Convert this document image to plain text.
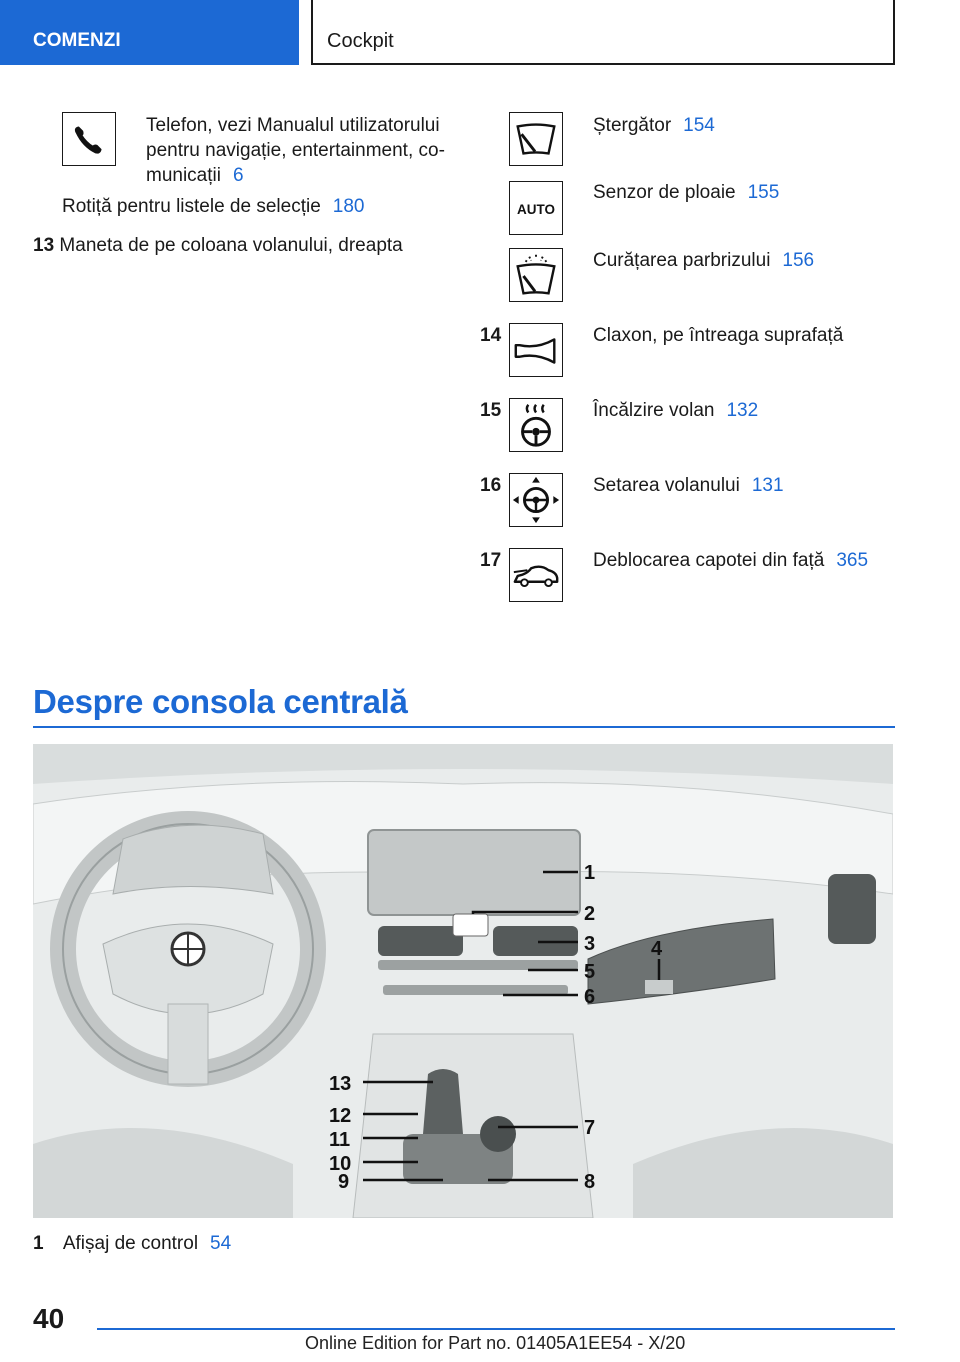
COMENZI	Cockpit
Telefon, vezi Manualul utilizatorului pentru navigație, entertainment, co-municații 6
Rotiță pentru listele de selecție 180
13 Maneta de pe coloana volanului, dreapta
Ștergător 154
AUTO
Senzor de ploaie 155
Curățarea parbrizului 156
14	Claxon, pe întreaga suprafață
15	Încălzire volan 132
16	Setarea volanului 131
17	Deblocarea capotei din față 365
Despre consola centrală
1
2
3	4
5
6
7
8
9
10
11
12
13
1 Afișaj de control 54
40
Online Edition for Part no. 01405A1EE54 - X/20
